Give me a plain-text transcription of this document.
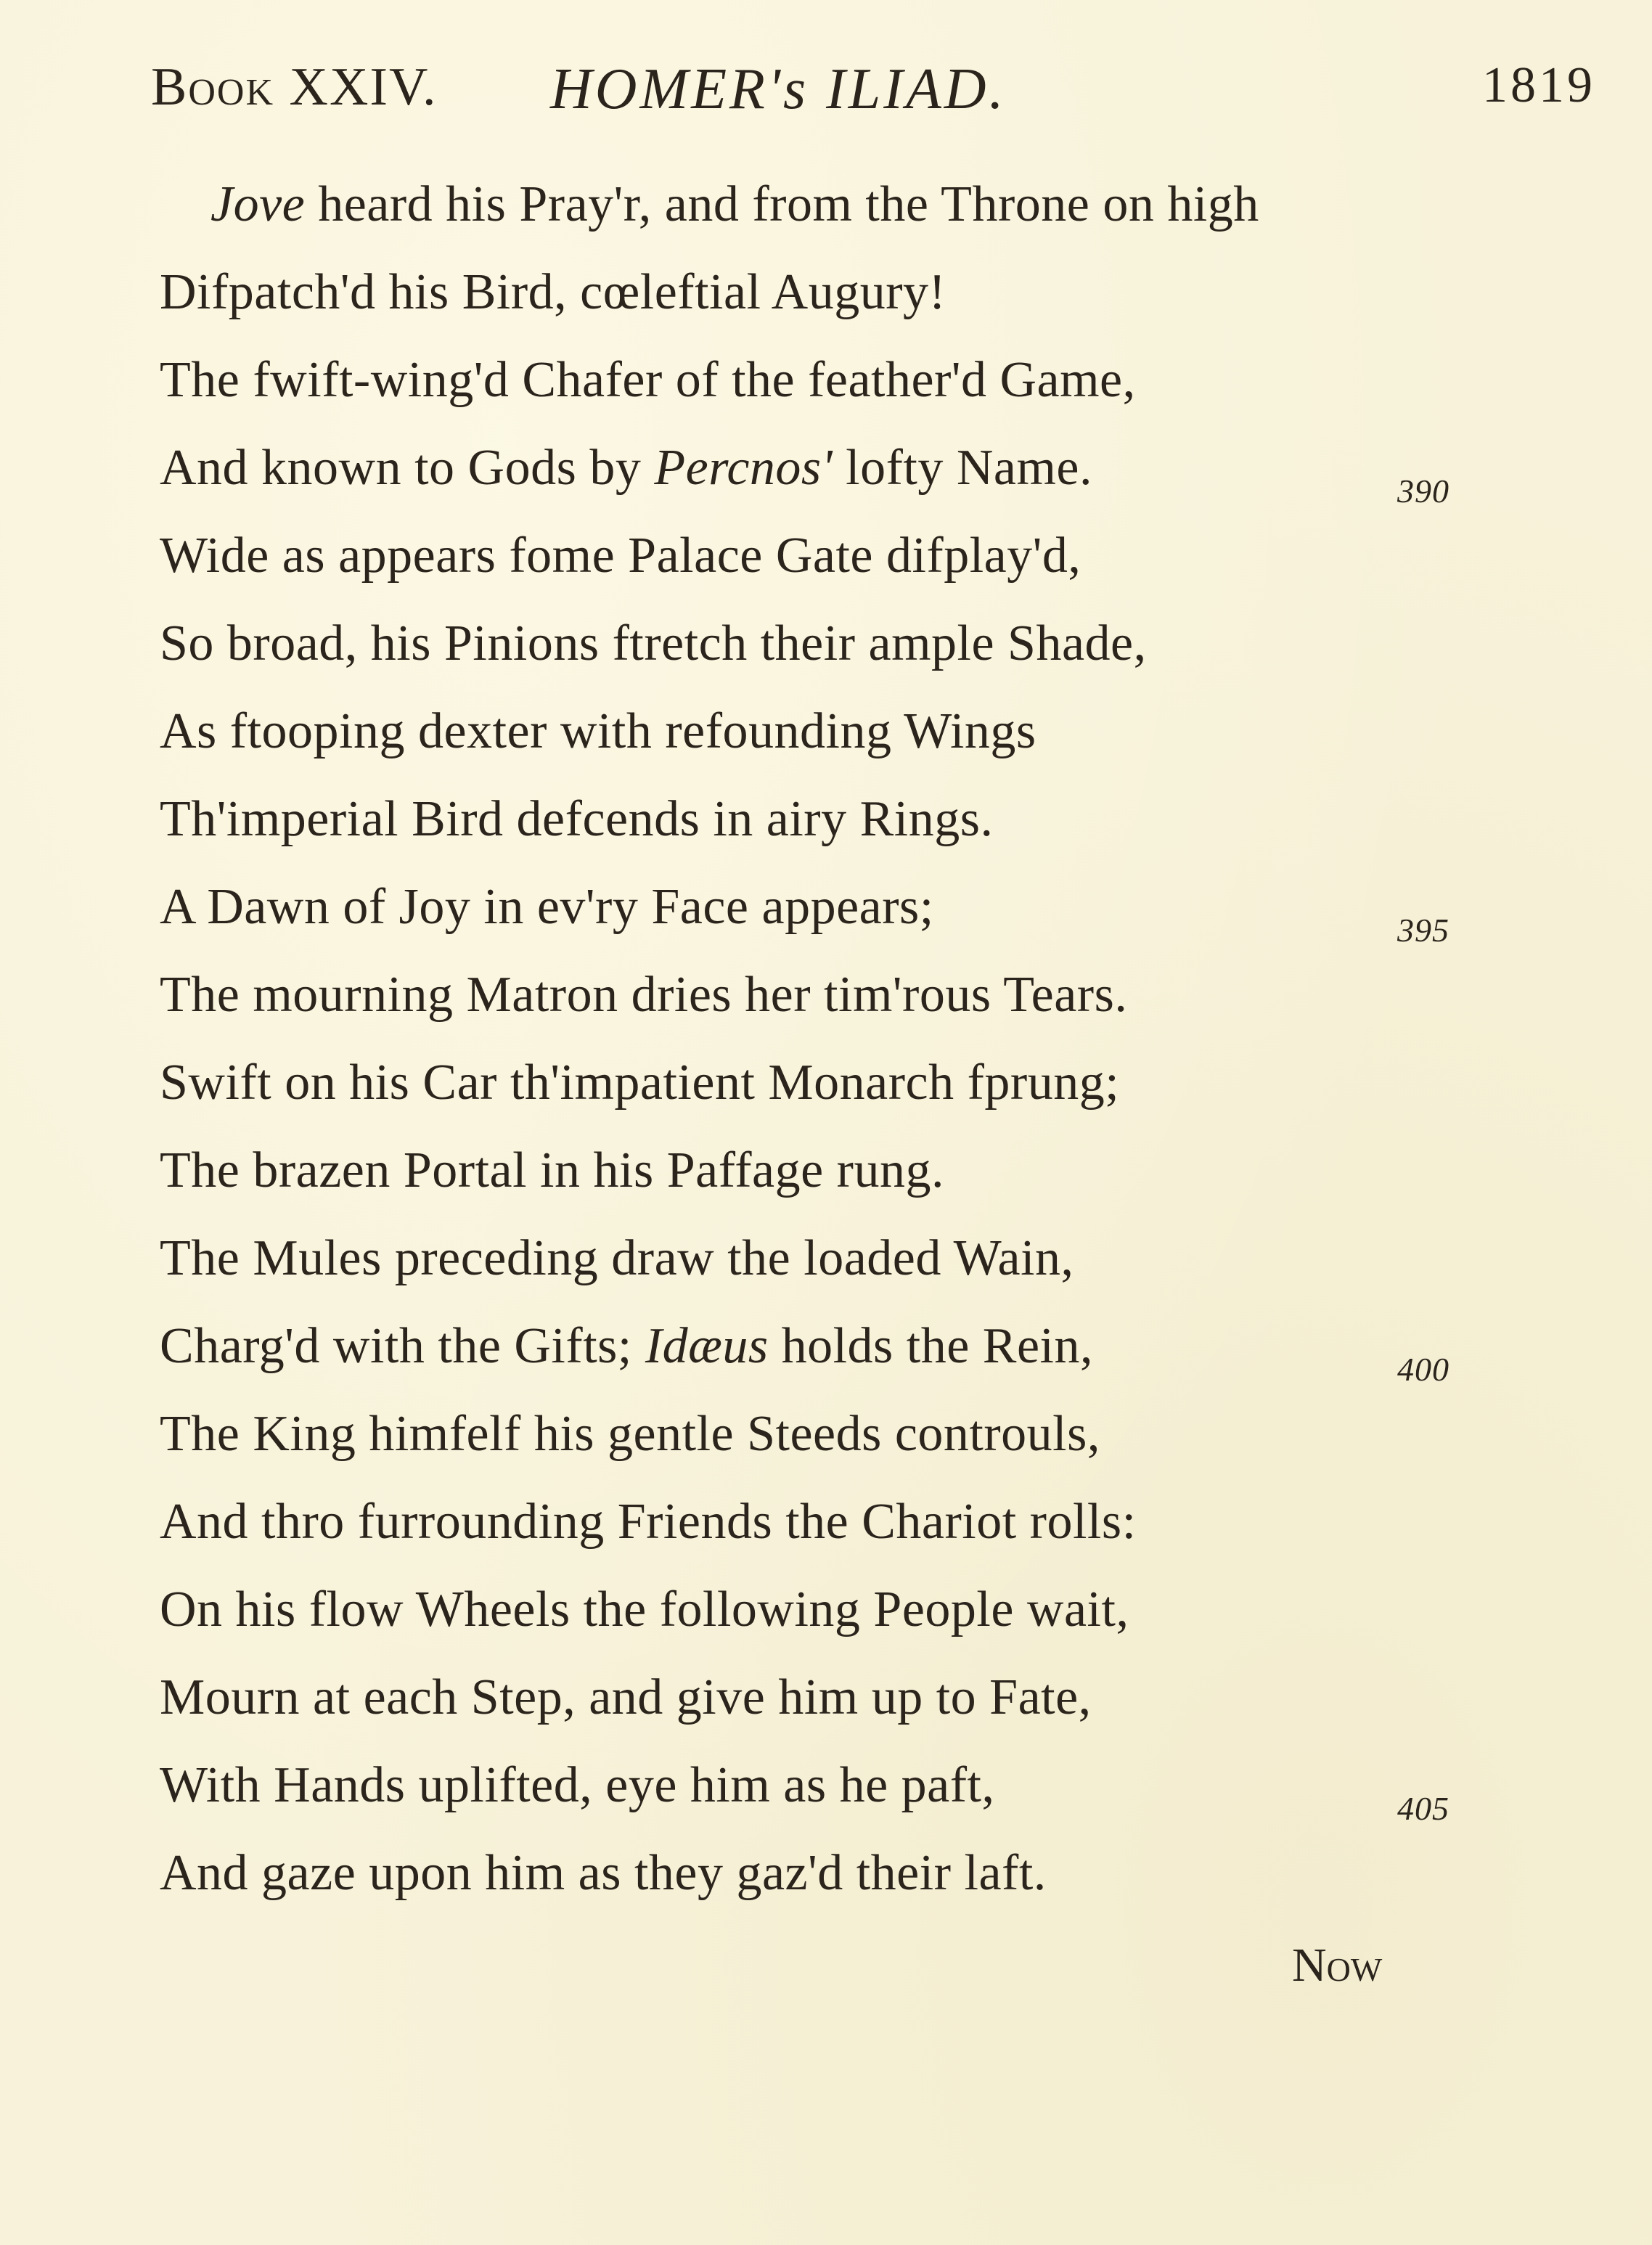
Book XXIV. HOMER's ILIAD.	1819
Jove heard his Pray'r, and from the Throne on high
Difpatch'd his Bird, cœleftial Augury!
The fwift-wing'd Chafer of the feather'd Game,
And known to Gods by Percnos' lofty Name.
Wide as appears fome Palace Gate difplay'd,
So broad, his Pinions ftretch their ample Shade,
As ftooping dexter with refounding Wings
Th'imperial Bird defcends in airy Rings.
A Dawn of Joy in ev'ry Face appears;
The mourning Matron dries her tim'rous Tears.
Swift on his Car th'impatient Monarch fprung;
The brazen Portal in his Paffage rung.
The Mules preceding draw the loaded Wain,
Charg'd with the Gifts; Idæus holds the Rein,
The King himfelf his gentle Steeds controuls,
And thro furrounding Friends the Chariot rolls:
On his flow Wheels the following People wait,
Mourn at each Step, and give him up to Fate,
With Hands uplifted, eye him as he paft,
And gaze upon him as they gaz'd their laft.
390
395
400
405
Now
